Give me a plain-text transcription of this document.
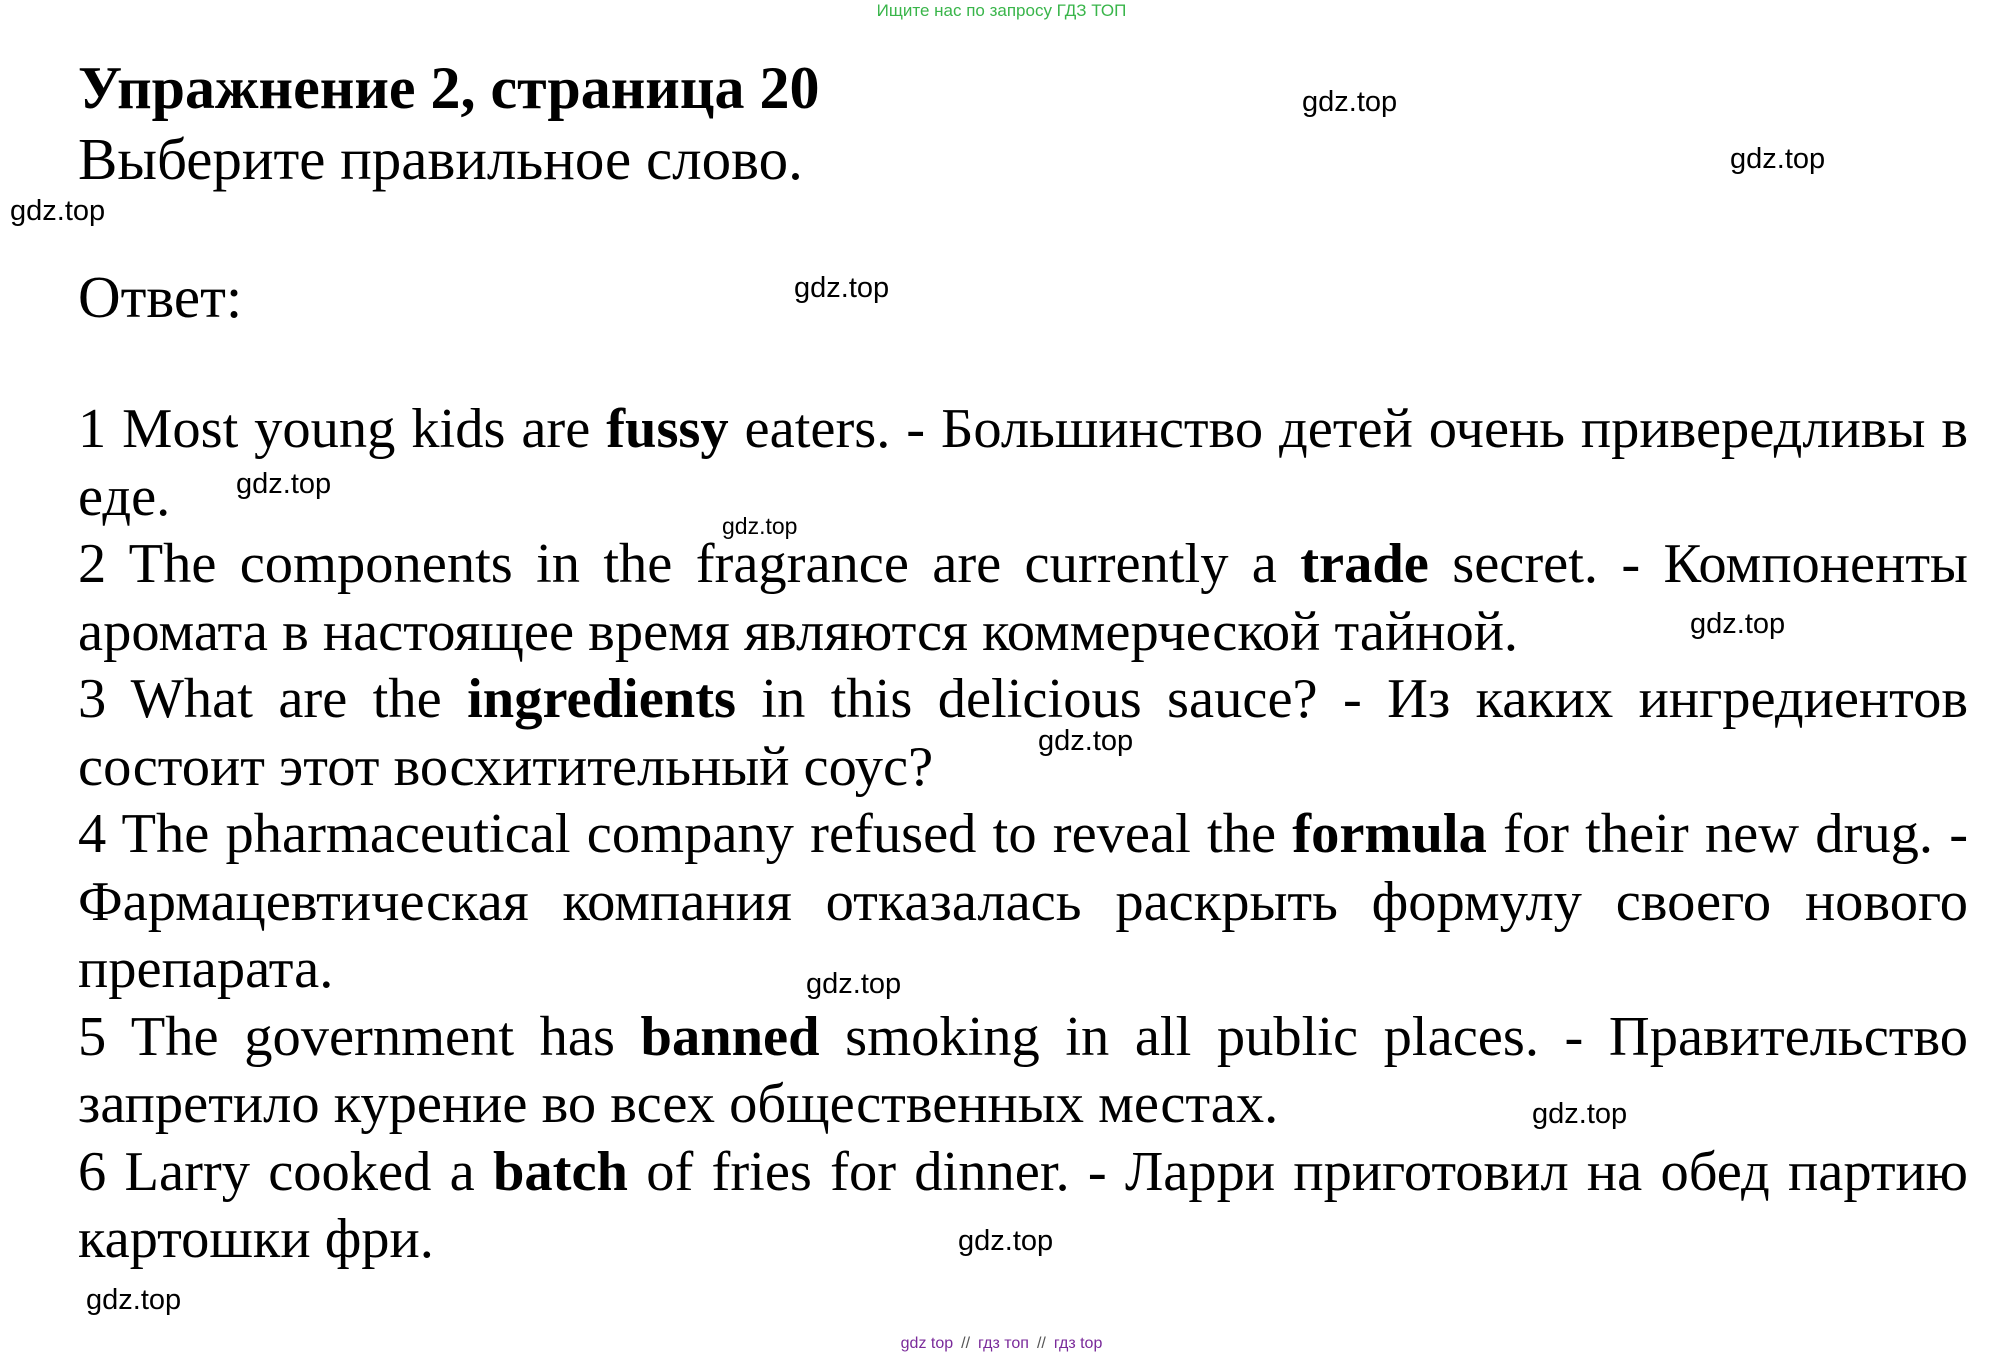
Ищите нас по запросу ГДЗ ТОП
Упражнение 2, страница 20
Выберите правильное слово.
Ответ:
1 Most young kids are fussy eaters. - Большинство детей очень привередливы в еде.
2 The components in the fragrance are currently a trade secret. - Компоненты аромата в настоящее время являются коммерческой тайной.
3 What are the ingredients in this delicious sauce? - Из каких ингредиентов состоит этот восхитительный соус?
4 The pharmaceutical company refused to reveal the formula for their new drug. - Фармацевтическая компания отказалась раскрыть формулу своего нового препарата.
5 The government has banned smoking in all public places. - Правительство запретило курение во всех общественных местах.
6 Larry cooked a batch of fries for dinner. - Ларри приготовил на обед партию картошки фри.
gdz.top
gdz.top
gdz.top
gdz.top
gdz.top
gdz.top
gdz.top
gdz.top
gdz.top
gdz.top
gdz.top
gdz.top
gdz top // гдз топ // гдз top
